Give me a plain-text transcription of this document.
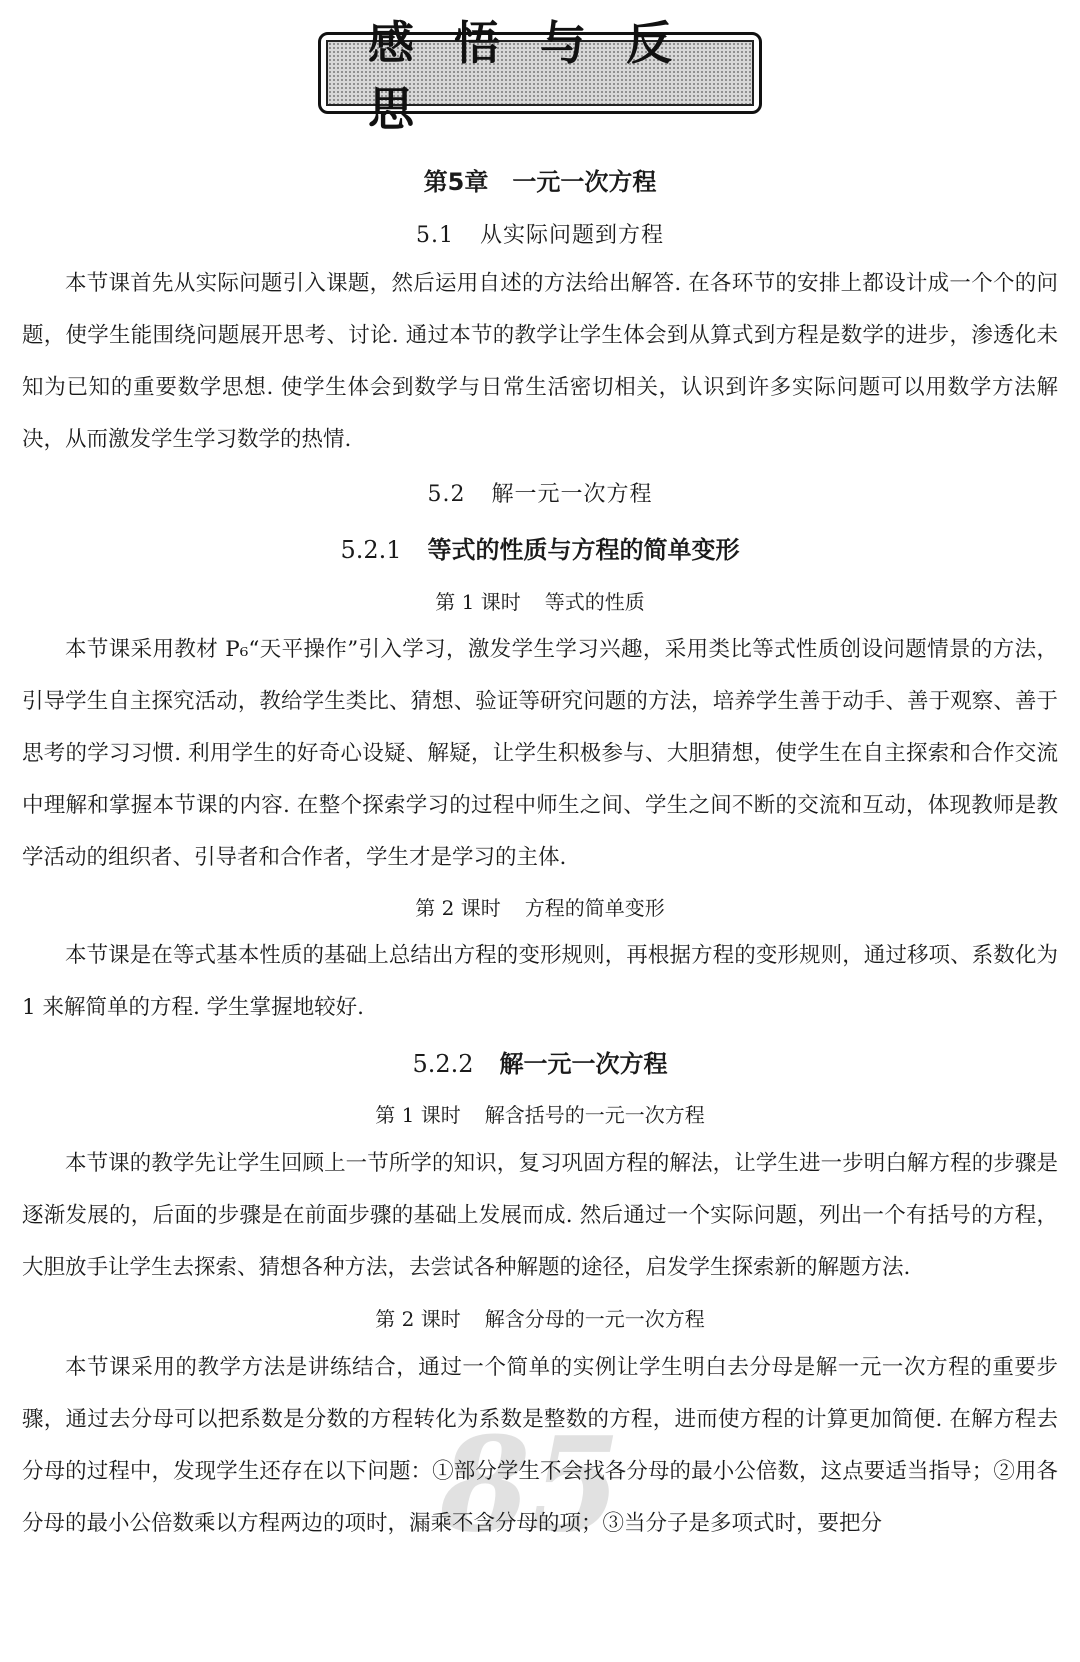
感悟与反思
第5章　一元一次方程
5.1 从实际问题到方程
本节课首先从实际问题引入课题，然后运用自述的方法给出解答. 在各环节的安排上都设计成一个个的问题，使学生能围绕问题展开思考、讨论. 通过本节的教学让学生体会到从算式到方程是数学的进步，渗透化未知为已知的重要数学思想. 使学生体会到数学与日常生活密切相关，认识到许多实际问题可以用数学方法解决，从而激发学生学习数学的热情.
5.2 解一元一次方程
5.2.1 等式的性质与方程的简单变形
第 1 课时 等式的性质
本节课采用教材 P₆“天平操作”引入学习，激发学生学习兴趣，采用类比等式性质创设问题情景的方法，引导学生自主探究活动，教给学生类比、猜想、验证等研究问题的方法，培养学生善于动手、善于观察、善于思考的学习习惯. 利用学生的好奇心设疑、解疑，让学生积极参与、大胆猜想，使学生在自主探索和合作交流中理解和掌握本节课的内容. 在整个探索学习的过程中师生之间、学生之间不断的交流和互动，体现教师是教学活动的组织者、引导者和合作者，学生才是学习的主体.
第 2 课时 方程的简单变形
本节课是在等式基本性质的基础上总结出方程的变形规则，再根据方程的变形规则，通过移项、系数化为 1 来解简单的方程. 学生掌握地较好.
5.2.2 解一元一次方程
第 1 课时 解含括号的一元一次方程
本节课的教学先让学生回顾上一节所学的知识，复习巩固方程的解法，让学生进一步明白解方程的步骤是逐渐发展的，后面的步骤是在前面步骤的基础上发展而成. 然后通过一个实际问题，列出一个有括号的方程，大胆放手让学生去探索、猜想各种方法，去尝试各种解题的途径，启发学生探索新的解题方法.
第 2 课时 解含分母的一元一次方程
85
本节课采用的教学方法是讲练结合，通过一个简单的实例让学生明白去分母是解一元一次方程的重要步骤，通过去分母可以把系数是分数的方程转化为系数是整数的方程，进而使方程的计算更加简便. 在解方程去分母的过程中，发现学生还存在以下问题：①部分学生不会找各分母的最小公倍数，这点要适当指导；②用各分母的最小公倍数乘以方程两边的项时，漏乘不含分母的项；③当分子是多项式时，要把分
